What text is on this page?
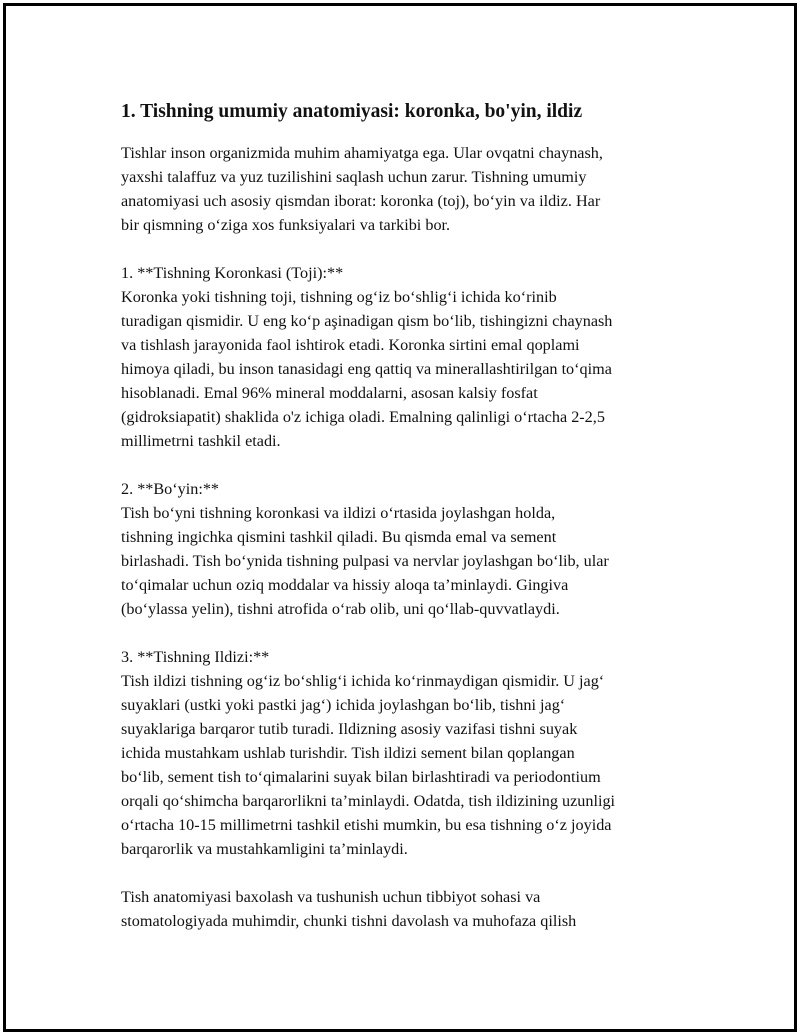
1. Tishning umumiy anatomiyasi: koronka, bo'yin, ildiz

Tishlar inson organizmida muhim ahamiyatga ega. Ular ovqatni chaynash,
yaxshi talaffuz va yuz tuzilishini saqlash uchun zarur. Tishning umumiy
anatomiyasi uch asosiy qismdan iborat: koronka (toj), bo‘yin va ildiz. Har
bir qismning o‘ziga xos funksiyalari va tarkibi bor.

1. **Tishning Koronkasi (Toji):**
Koronka yoki tishning toji, tishning og‘iz bo‘shlig‘i ichida ko‘rinib
turadigan qismidir. U eng ko‘p aşinadigan qism bo‘lib, tishingizni chaynash
va tishlash jarayonida faol ishtirok etadi. Koronka sirtini emal qoplami
himoya qiladi, bu inson tanasidagi eng qattiq va minerallashtirilgan to‘qima
hisoblanadi. Emal 96% mineral moddalarni, asosan kalsiy fosfat
(gidroksiapatit) shaklida o'z ichiga oladi. Emalning qalinligi o‘rtacha 2-2,5
millimetrni tashkil etadi.

2. **Bo‘yin:**
Tish bo‘yni tishning koronkasi va ildizi o‘rtasida joylashgan holda,
tishning ingichka qismini tashkil qiladi. Bu qismda emal va sement
birlashadi. Tish bo‘ynida tishning pulpasi va nervlar joylashgan bo‘lib, ular
to‘qimalar uchun oziq moddalar va hissiy aloqa ta’minlaydi. Gingiva
(bo‘ylassa yelin), tishni atrofida o‘rab olib, uni qo‘llab-quvvatlaydi.

3. **Tishning Ildizi:**
Tish ildizi tishning og‘iz bo‘shlig‘i ichida ko‘rinmaydigan qismidir. U jag‘
suyaklari (ustki yoki pastki jag‘) ichida joylashgan bo‘lib, tishni jag‘
suyaklariga barqaror tutib turadi. Ildizning asosiy vazifasi tishni suyak
ichida mustahkam ushlab turishdir. Tish ildizi sement bilan qoplangan
bo‘lib, sement tish to‘qimalarini suyak bilan birlashtiradi va periodontium
orqali qo‘shimcha barqarorlikni ta’minlaydi. Odatda, tish ildizining uzunligi
o‘rtacha 10-15 millimetrni tashkil etishi mumkin, bu esa tishning o‘z joyida
barqarorlik va mustahkamligini ta’minlaydi.

Tish anatomiyasi baxolash va tushunish uchun tibbiyot sohasi va
stomatologiyada muhimdir, chunki tishni davolash va muhofaza qilish
